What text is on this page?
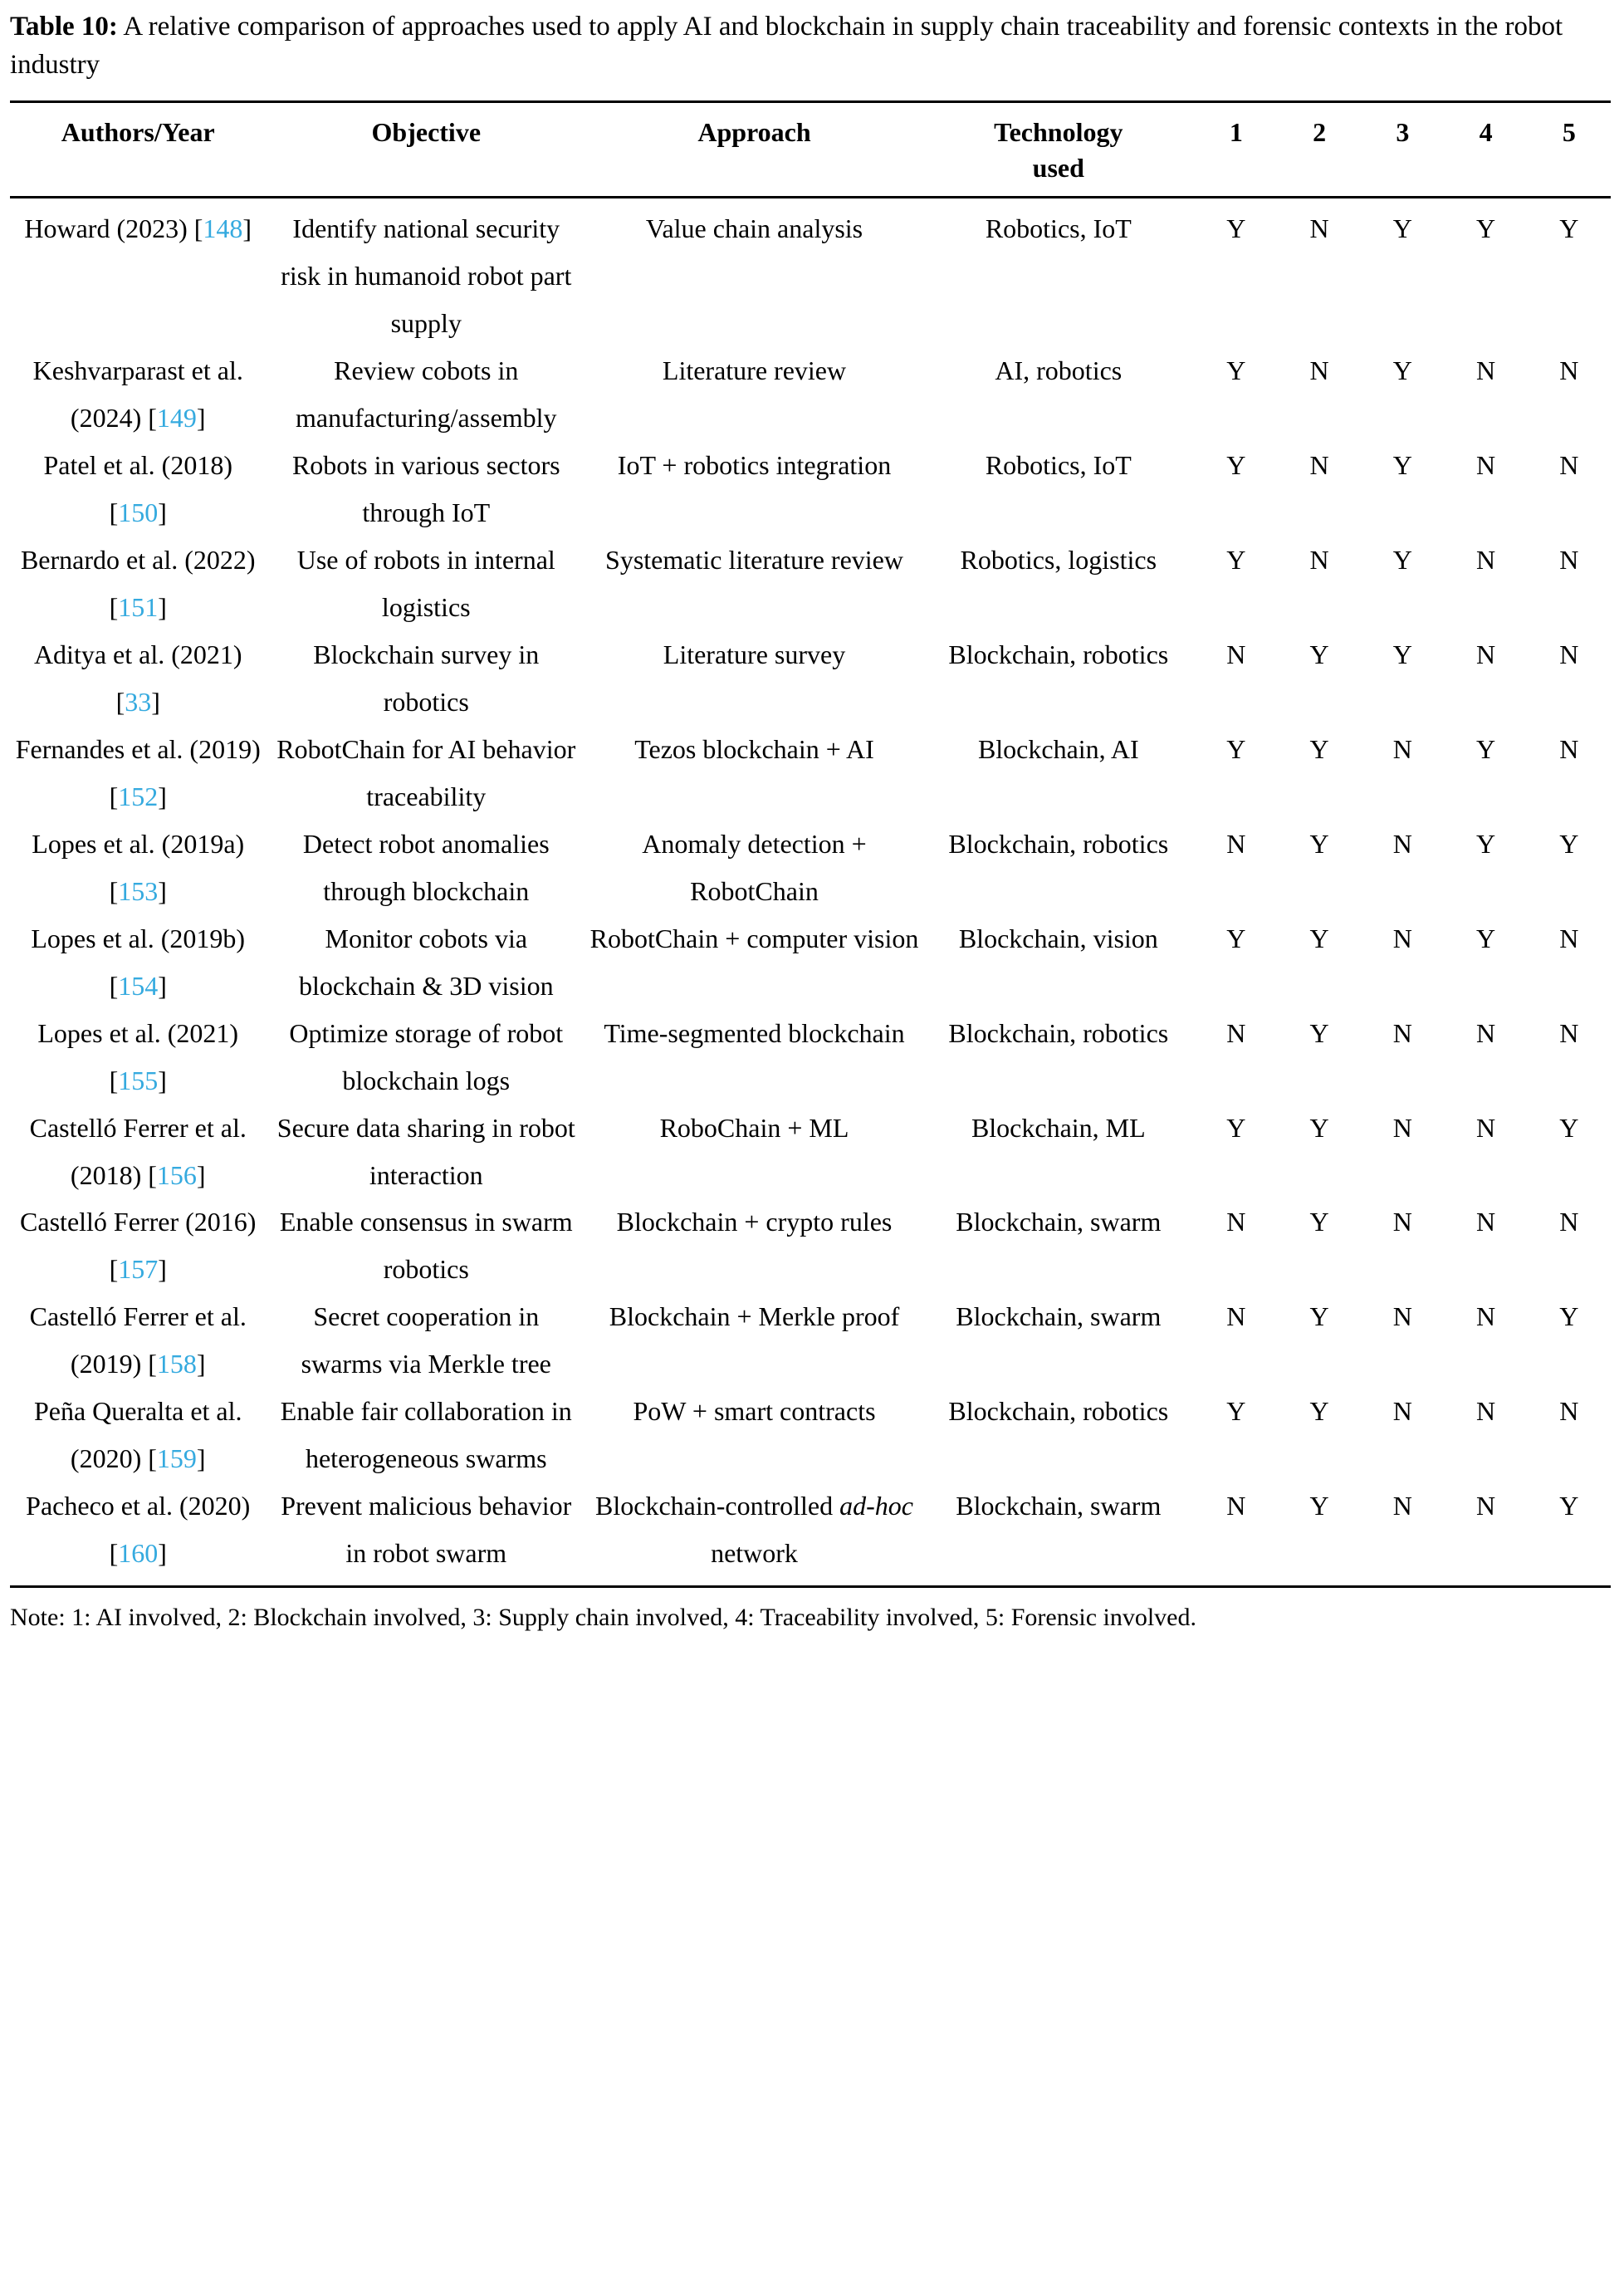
Table 10: A relative comparison of approaches used to apply AI and blockchain in supply chain traceability and forensic contexts in the robot industry

Authors/Year	Objective	Approach	Technology used	1	2	3	4	5
Howard (2023) [148]	Identify national security risk in humanoid robot part supply	Value chain analysis	Robotics, IoT	Y	N	Y	Y	Y
Keshvarparast et al. (2024) [149]	Review cobots in manufacturing/assembly	Literature review	AI, robotics	Y	N	Y	N	N
Patel et al. (2018) [150]	Robots in various sectors through IoT	IoT + robotics integration	Robotics, IoT	Y	N	Y	N	N
Bernardo et al. (2022) [151]	Use of robots in internal logistics	Systematic literature review	Robotics, logistics	Y	N	Y	N	N
Aditya et al. (2021) [33]	Blockchain survey in robotics	Literature survey	Blockchain, robotics	N	Y	Y	N	N
Fernandes et al. (2019) [152]	RobotChain for AI behavior traceability	Tezos blockchain + AI	Blockchain, AI	Y	Y	N	Y	N
Lopes et al. (2019a) [153]	Detect robot anomalies through blockchain	Anomaly detection + RobotChain	Blockchain, robotics	N	Y	N	Y	Y
Lopes et al. (2019b) [154]	Monitor cobots via blockchain & 3D vision	RobotChain + computer vision	Blockchain, vision	Y	Y	N	Y	N
Lopes et al. (2021) [155]	Optimize storage of robot blockchain logs	Time-segmented blockchain	Blockchain, robotics	N	Y	N	N	N
Castelló Ferrer et al. (2018) [156]	Secure data sharing in robot interaction	RoboChain + ML	Blockchain, ML	Y	Y	N	N	Y
Castelló Ferrer (2016) [157]	Enable consensus in swarm robotics	Blockchain + crypto rules	Blockchain, swarm	N	Y	N	N	N
Castelló Ferrer et al. (2019) [158]	Secret cooperation in swarms via Merkle tree	Blockchain + Merkle proof	Blockchain, swarm	N	Y	N	N	Y
Peña Queralta et al. (2020) [159]	Enable fair collaboration in heterogeneous swarms	PoW + smart contracts	Blockchain, robotics	Y	Y	N	N	N
Pacheco et al. (2020) [160]	Prevent malicious behavior in robot swarm	Blockchain-controlled ad-hoc network	Blockchain, swarm	N	Y	N	N	Y

Note: 1: AI involved, 2: Blockchain involved, 3: Supply chain involved, 4: Traceability involved, 5: Forensic involved.
